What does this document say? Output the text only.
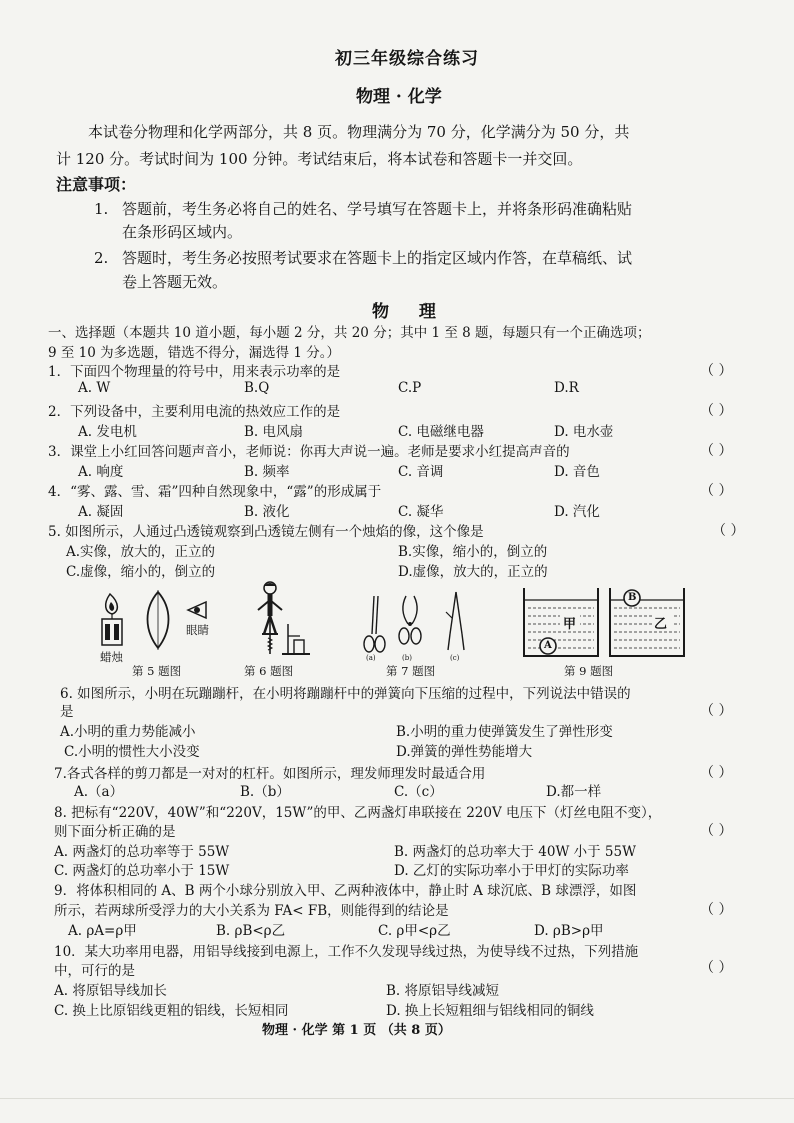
初三年级综合练习
物理 · 化学
本试卷分物理和化学两部分，共 8 页。物理满分为 70 分，化学满分为 50 分，共
计 120 分。考试时间为 100 分钟。考试结束后，将本试卷和答题卡一并交回。
注意事项：
1. 答题前，考生务必将自己的姓名、学号填写在答题卡上，并将条形码准确粘贴
在条形码区域内。
2. 答题时，考生务必按照考试要求在答题卡上的指定区域内作答，在草稿纸、试
卷上答题无效。
物 理
一、选择题（本题共 10 道小题，每小题 2 分，共 20 分；其中 1 至 8 题，每题只有一个正确选项；
9 至 10 为多选题，错选不得分，漏选得 1 分。）
1．下面四个物理量的符号中，用来表示功率的是	（ ）
A. W	B.Q	C.P	D.R
2．下列设备中，主要利用电流的热效应工作的是	（ ）
A. 发电机	B. 电风扇	C. 电磁继电器	D. 电水壶
3．课堂上小红回答问题声音小，老师说：你再大声说一遍。老师是要求小红提高声音的	（ ）
A. 响度	B. 频率	C. 音调	D. 音色
4．“雾、露、雪、霜”四种自然现象中，“露”的形成属于	（ ）
A. 凝固	B. 液化	C. 凝华	D. 汽化
5. 如图所示，人通过凸透镜观察到凸透镜左侧有一个烛焰的像，这个像是	（ ）
A.实像，放大的，正立的	B.实像，缩小的，倒立的
C.虚像，缩小的，倒立的	D.虚像，放大的，正立的
蜡烛
眼睛
(a)	(b)	(c)
A
B
甲	乙
第 5 题图	第 6 题图	第 7 题图	第 9 题图
6. 如图所示，小明在玩蹦蹦杆，在小明将蹦蹦杆中的弹簧向下压缩的过程中，下列说法中错误的
是	（ ）
A.小明的重力势能减小	B.小明的重力使弹簧发生了弹性形变
C.小明的惯性大小没变	D.弹簧的弹性势能增大
7.各式各样的剪刀都是一对对的杠杆。如图所示，理发师理发时最适合用	（ ）
A.（a）	B.（b）	C.（c）	D.都一样
8. 把标有“220V，40W”和“220V，15W”的甲、乙两盏灯串联接在 220V 电压下（灯丝电阻不变），
则下面分析正确的是	（ ）
A. 两盏灯的总功率等于 55W	B. 两盏灯的总功率大于 40W 小于 55W
C. 两盏灯的总功率小于 15W	D. 乙灯的实际功率小于甲灯的实际功率
9．将体积相同的 A、B 两个小球分别放入甲、乙两种液体中，静止时 A 球沉底、B 球漂浮，如图
所示，若两球所受浮力的大小关系为 FA< FB，则能得到的结论是	（ ）
A. ρA=ρ甲	B. ρB<ρ乙	C. ρ甲<ρ乙	D. ρB>ρ甲
10．某大功率用电器，用铝导线接到电源上，工作不久发现导线过热，为使导线不过热，下列措施
中，可行的是	（ ）
A. 将原铝导线加长	B. 将原铝导线减短
C. 换上比原铝线更粗的铝线，长短相同	D. 换上长短粗细与铝线相同的铜线
物理 · 化学 第 1 页 （共 8 页）
